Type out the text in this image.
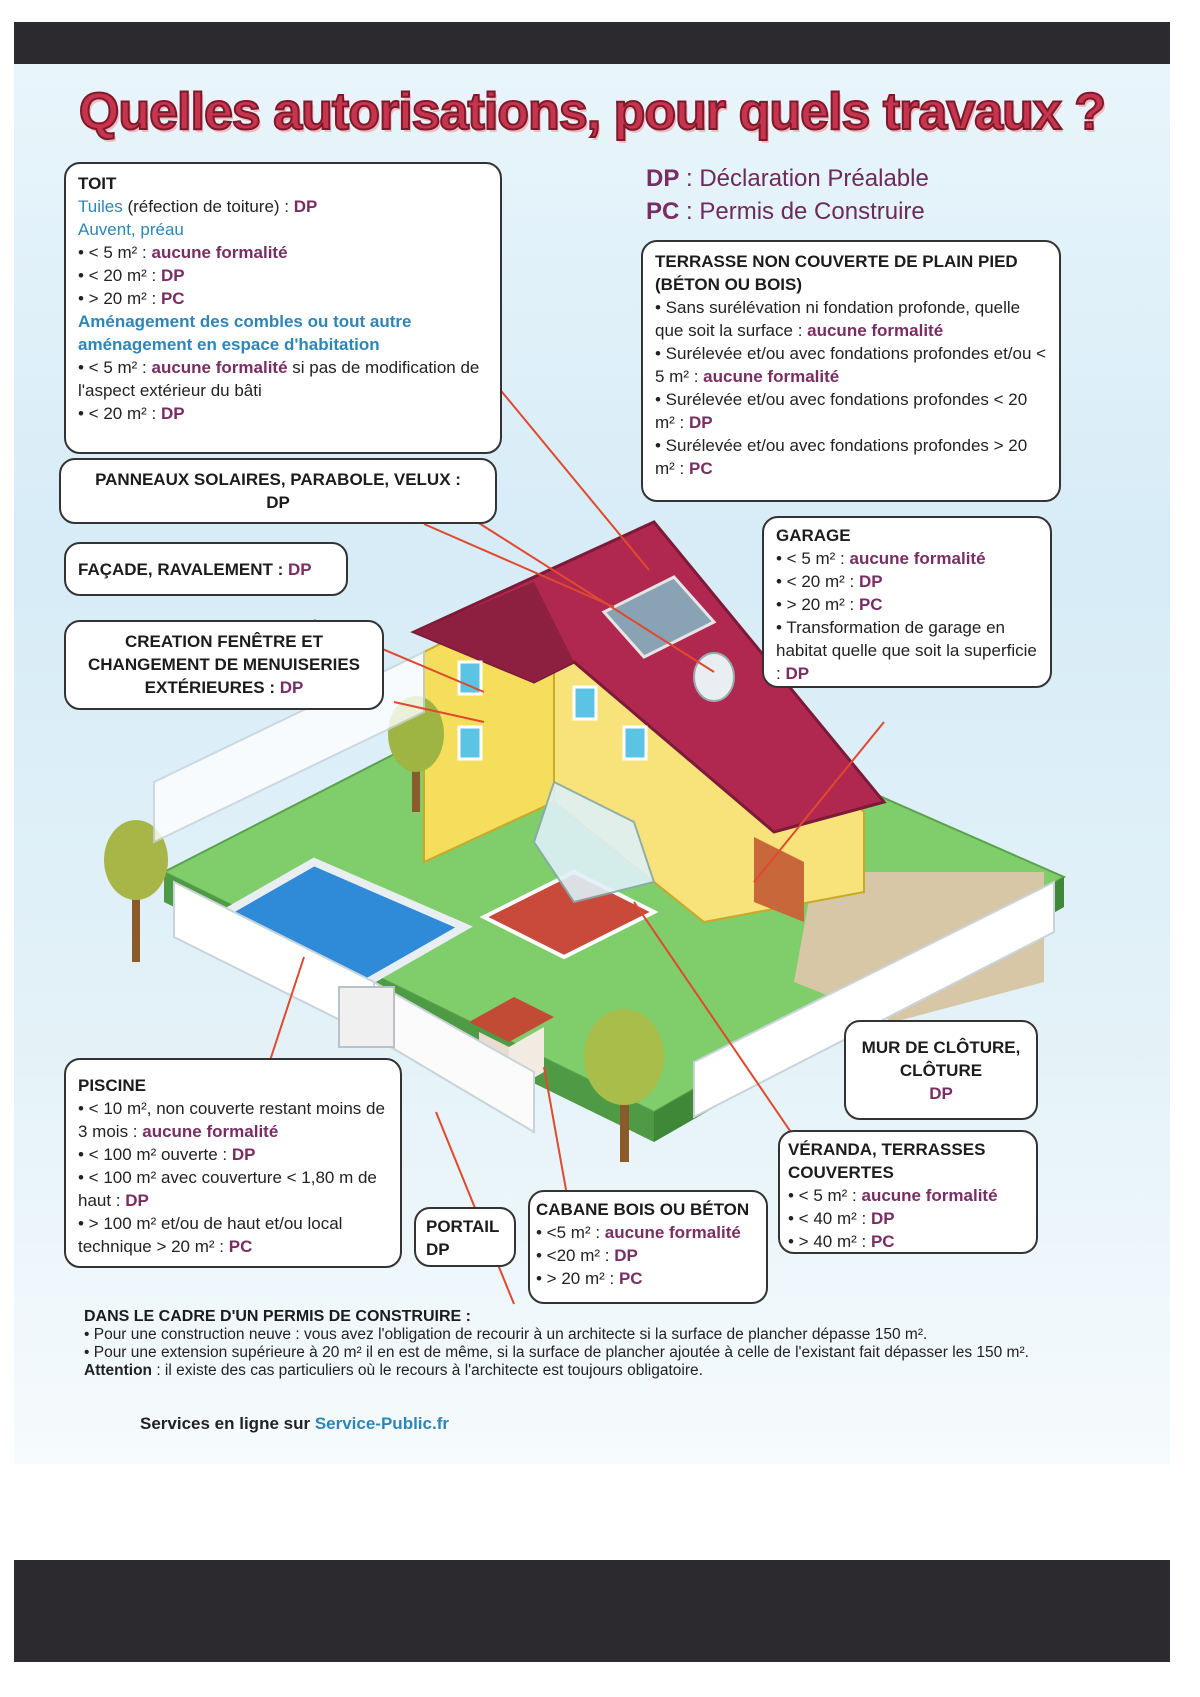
Quelles autorisations, pour quels travaux ?
DP : Déclaration Préalable
PC : Permis de Construire
TOIT
Tuiles (réfection de toiture) : DP
Auvent, préau
• < 5 m² : aucune formalité
• < 20 m² : DP
• > 20 m² : PC
Aménagement des combles ou tout autre aménagement en espace d'habitation
• < 5 m² : aucune formalité si pas de modification de l'aspect extérieur du bâti
• < 20 m² : DP
TERRASSE NON COUVERTE DE PLAIN PIED (BÉTON OU BOIS)
• Sans surélévation ni fondation profonde, quelle que soit la surface : aucune formalité
• Surélevée et/ou avec fondations profondes et/ou < 5 m² : aucune formalité
• Surélevée et/ou avec fondations profondes < 20 m² : DP
• Surélevée et/ou avec fondations profondes > 20 m² : PC
PANNEAUX SOLAIRES, PARABOLE, VELUX :
DP
FAÇADE, RAVALEMENT : DP
CREATION FENÊTRE ET CHANGEMENT DE MENUISERIES EXTÉRIEURES : DP
GARAGE
• < 5 m² : aucune formalité
• < 20 m² : DP
• > 20 m² : PC
• Transformation de garage en habitat quelle que soit la superficie : DP
MUR DE CLÔTURE, CLÔTURE
DP
PISCINE
• < 10 m², non couverte restant moins de 3 mois : aucune formalité
• < 100 m² ouverte : DP
• < 100 m² avec couverture < 1,80 m de haut : DP
• > 100 m² et/ou de haut et/ou local technique > 20 m² : PC
PORTAIL
DP
CABANE BOIS OU BÉTON
• <5 m² : aucune formalité
• <20 m² : DP
• > 20 m² : PC
VÉRANDA, TERRASSES COUVERTES
• < 5 m² : aucune formalité
• < 40 m² : DP
• > 40 m² : PC
DANS LE CADRE D'UN PERMIS DE CONSTRUIRE :
• Pour une construction neuve : vous avez l'obligation de recourir à un architecte si la surface de plancher dépasse 150 m².
• Pour une extension supérieure à 20 m² il en est de même, si la surface de plancher ajoutée à celle de l'existant fait dépasser les 150 m².
Attention : il existe des cas particuliers où le recours à l'architecte est toujours obligatoire.
Services en ligne sur Service-Public.fr
